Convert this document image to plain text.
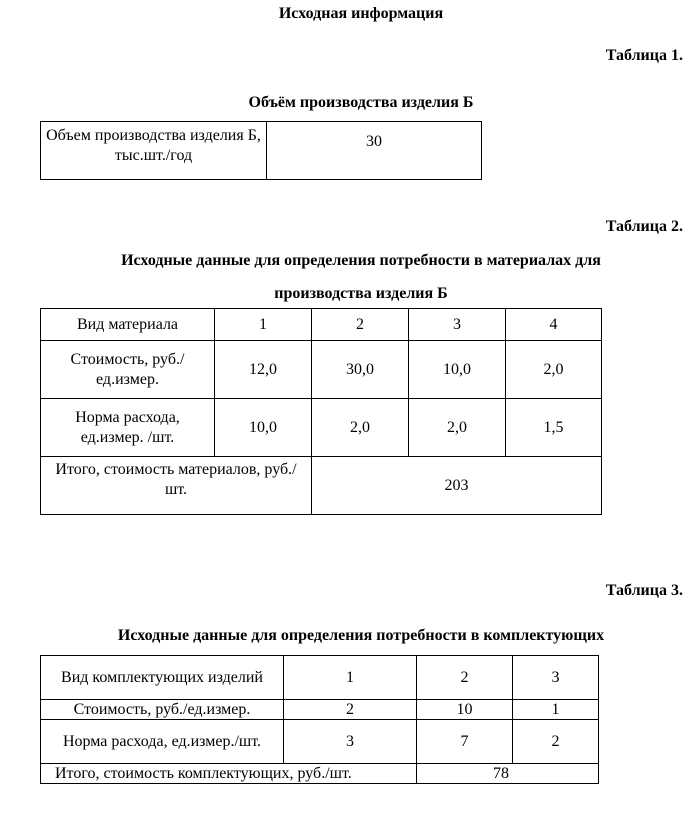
Исходная информация
Таблица 1.
Объём производства изделия Б
Объем производства изделия Б, тыс.шт./год	30
Таблица 2.
Исходные данные для определения потребности в материалах для
производства изделия Б
Вид материала	1	2	3	4
Стоимость, руб./ед.измер.	12,0	30,0	10,0	2,0
Норма расхода, ед.измер. /шт.	10,0	2,0	2,0	1,5
Итого, стоимость материалов, руб./шт.		203		
Таблица 3.
Исходные данные для определения потребности в комплектующих
Вид комплектующих изделий	1	2	3
Стоимость, руб./ед.измер.	2	10	1
Норма расхода, ед.измер./шт.	3	7	2
Итого, стоимость комплектующих, руб./шт.		78	
